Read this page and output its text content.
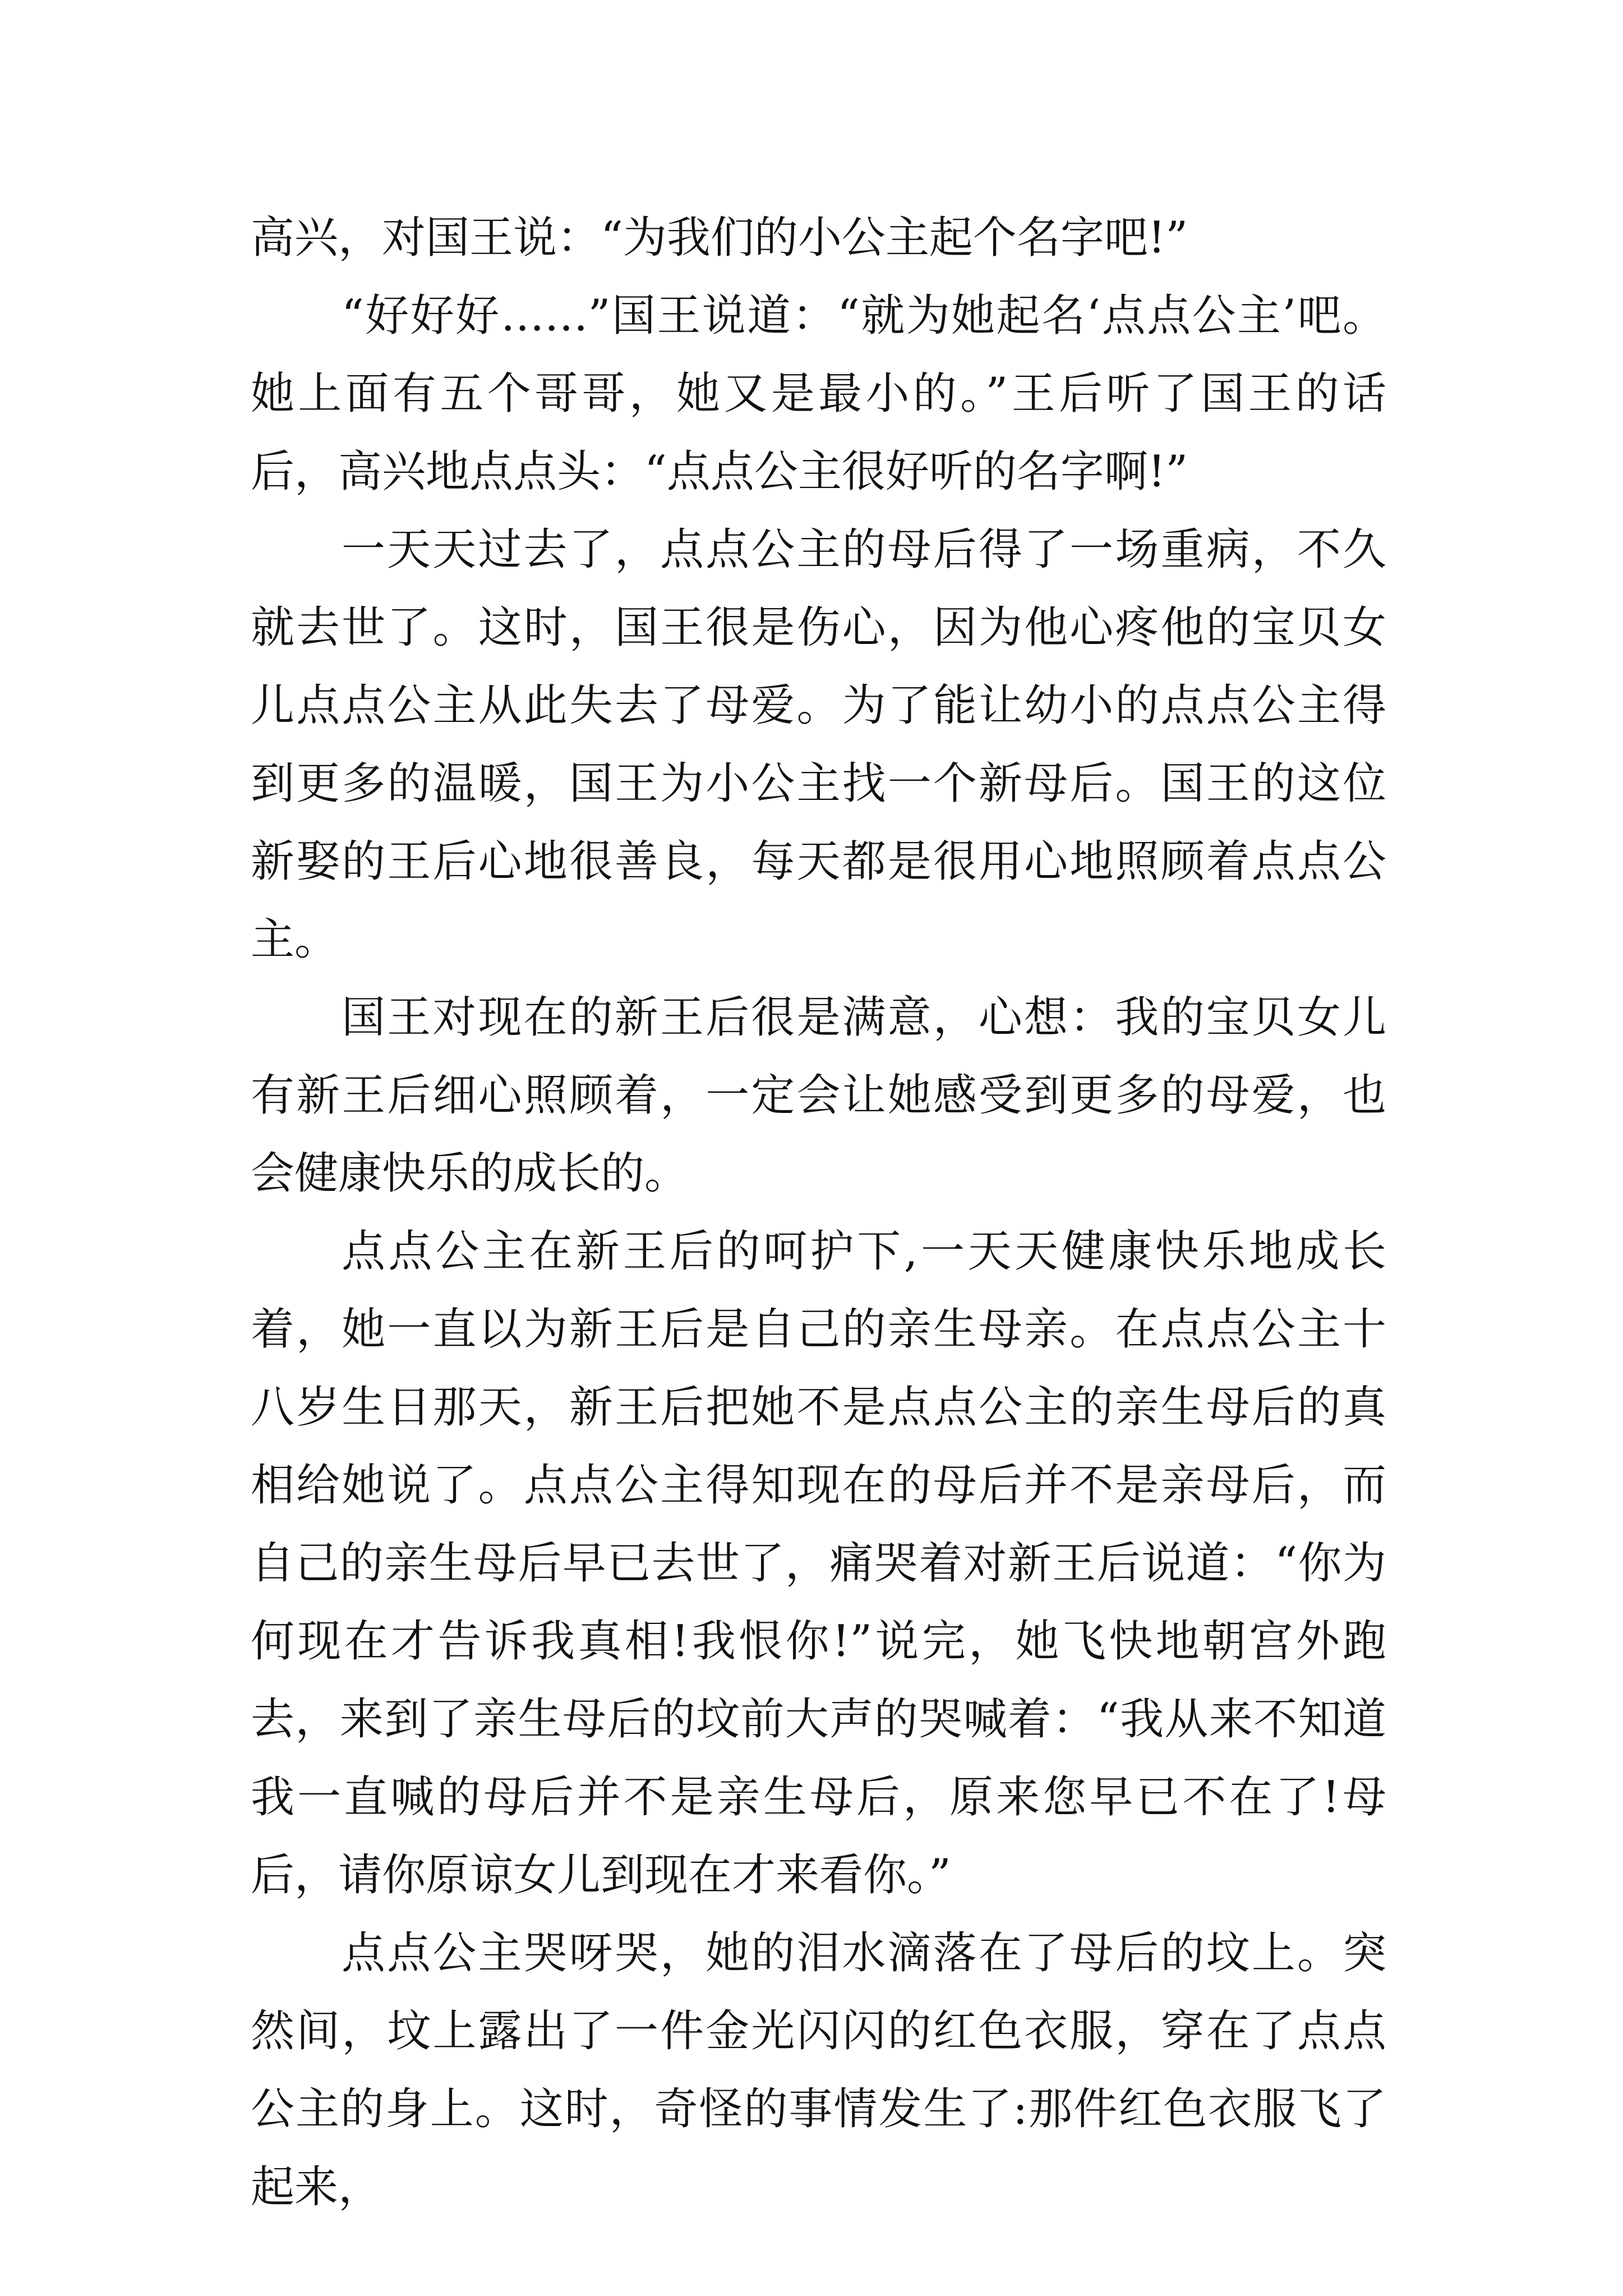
高兴，对国王说：“为我们的小公主起个名字吧!”

“好好好……”国王说道：“就为她起名‘点点公主’吧。她上面有五个哥哥，她又是最小的。”王后听了国王的话后，高兴地点点头：“点点公主很好听的名字啊!”

一天天过去了，点点公主的母后得了一场重病，不久就去世了。这时，国王很是伤心，因为他心疼他的宝贝女儿点点公主从此失去了母爱。为了能让幼小的点点公主得到更多的温暖，国王为小公主找一个新母后。国王的这位新娶的王后心地很善良，每天都是很用心地照顾着点点公主。

国王对现在的新王后很是满意，心想：我的宝贝女儿有新王后细心照顾着，一定会让她感受到更多的母爱，也会健康快乐的成长的。

点点公主在新王后的呵护下,一天天健康快乐地成长着，她一直以为新王后是自己的亲生母亲。在点点公主十八岁生日那天，新王后把她不是点点公主的亲生母后的真相给她说了。点点公主得知现在的母后并不是亲母后，而自己的亲生母后早已去世了，痛哭着对新王后说道：“你为何现在才告诉我真相!我恨你!”说完，她飞快地朝宫外跑去，来到了亲生母后的坟前大声的哭喊着：“我从来不知道我一直喊的母后并不是亲生母后，原来您早已不在了!母后，请你原谅女儿到现在才来看你。”

点点公主哭呀哭，她的泪水滴落在了母后的坟上。突然间，坟上露出了一件金光闪闪的红色衣服，穿在了点点公主的身上。这时，奇怪的事情发生了:那件红色衣服飞了起来，
